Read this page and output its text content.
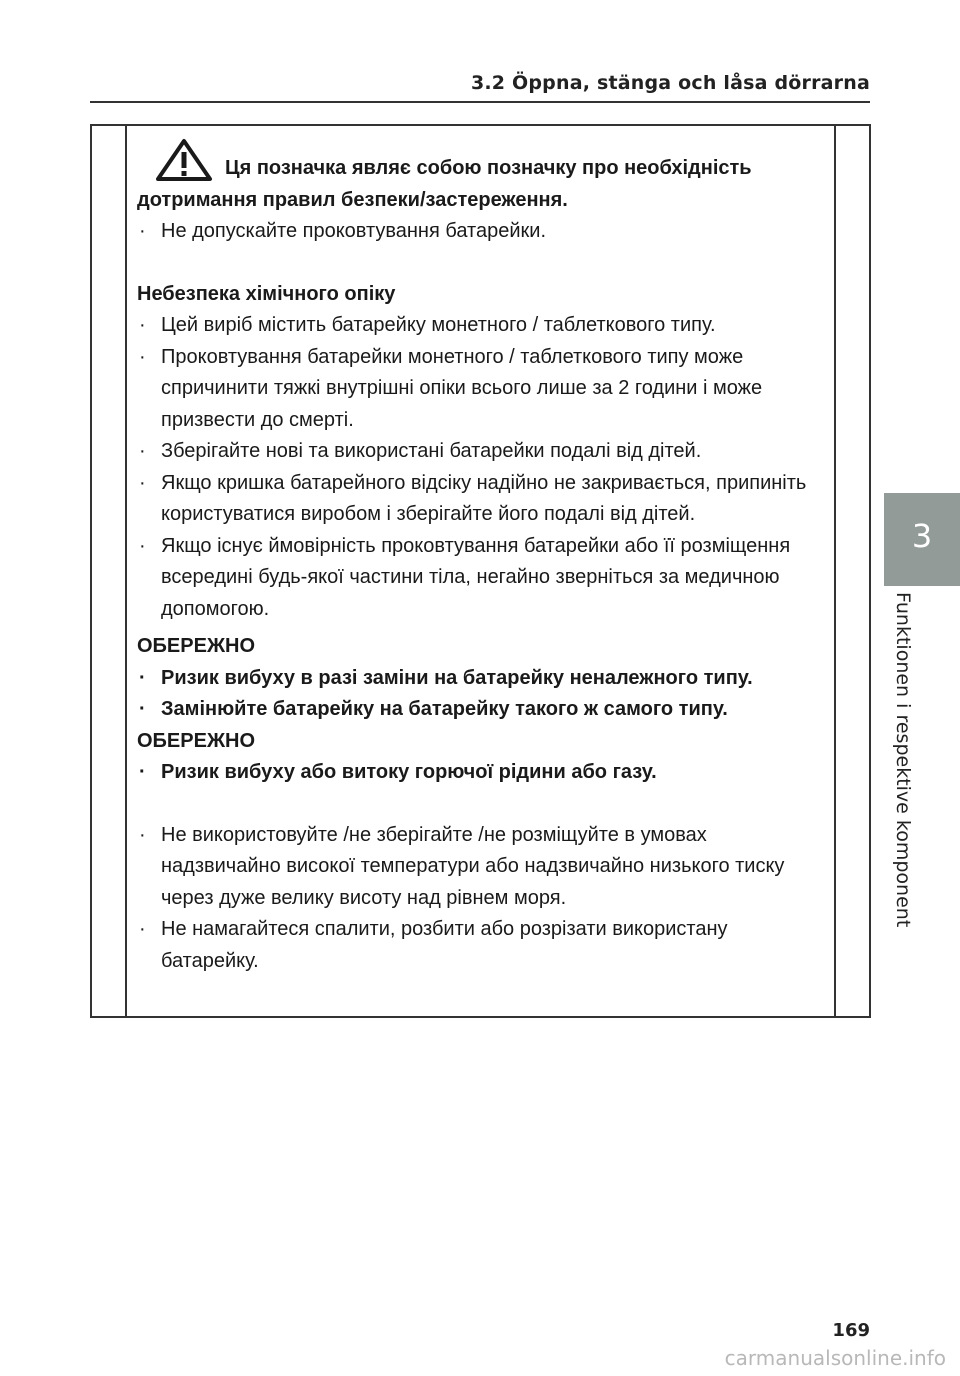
3.2 Öppna, stänga och låsa dörrarna

Ця позначка являє собою позначку про необхідність
дотримання правил безпеки/застереження.

· Не допускайте проковтування батарейки.

Небезпека хімічного опіку

· Цей виріб містить батарейку монетного / таблеткового типу.

· Проковтування батарейки монетного / таблеткового типу може спричинити тяжкі внутрішні опіки всього лише за 2 години і може призвести до смерті.

· Зберігайте нові та використані батарейки подалі від дітей.

· Якщо кришка батарейного відсіку надійно не закривається, припиніть користуватися виробом і зберігайте його подалі від дітей.

· Якщо існує ймовірність проковтування батарейки або її розміщення всередині будь-якої частини тіла, негайно зверніться за медичною допомогою.

ОБЕРЕЖНО

· Ризик вибуху в разі заміни на батарейку неналежного типу.

· Замінюйте батарейку на батарейку такого ж самого типу.

ОБЕРЕЖНО

· Ризик вибуху або витоку горючої рідини або газу.

· Не використовуйте /не зберігайте /не розміщуйте в умовах надзвичайно високої температури або надзвичайно низького тиску через дуже велику висоту над рівнем моря.

· Не намагайтеся спалити, розбити або розрізати використану батарейку.

3
Funktionen i respektive komponent
169
carmanualsonline.info
